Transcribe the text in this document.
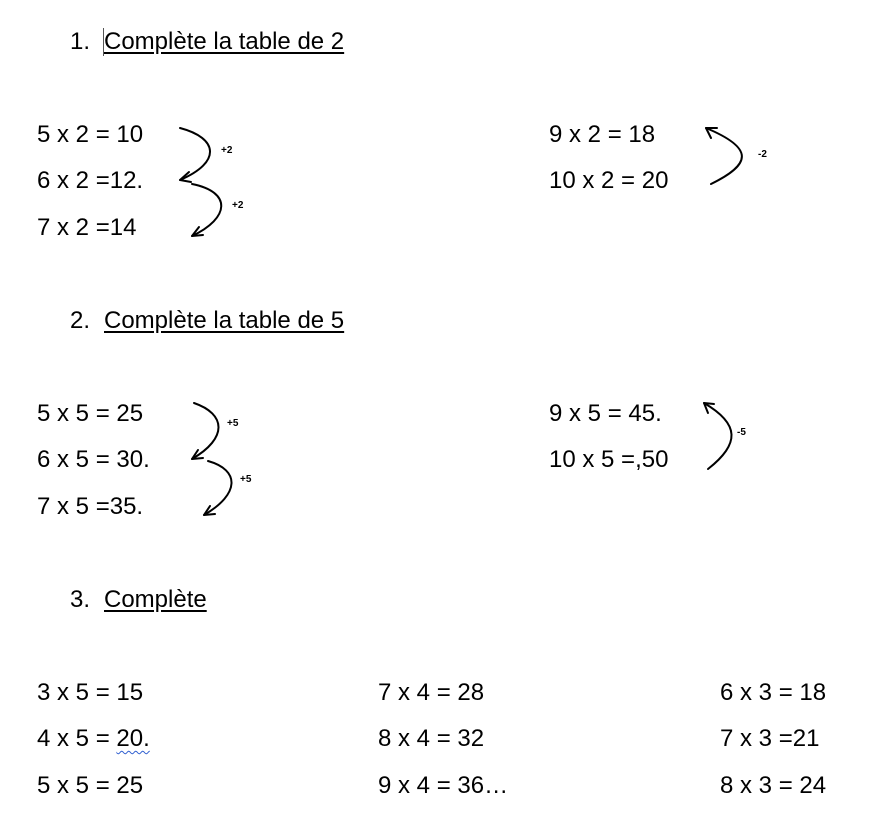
1. Complète la table de 2
5 x 2 = 10
6 x 2 =12.
7 x 2 =14
9 x 2 = 18
10 x 2 = 20
2. Complète la table de 5
5 x 5 = 25
6 x 5 = 30.
7 x 5 =35.
9 x 5 = 45.
10 x 5 =,50
3. Complète
3 x 5 = 15
4 x 5 = 20.
5 x 5 = 25
7 x 4 = 28
8 x 4 = 32
9 x 4 = 36…
6 x 3 = 18
7 x 3 =21
8 x 3 = 24
+2
+2
-2
+5
+5
-5
